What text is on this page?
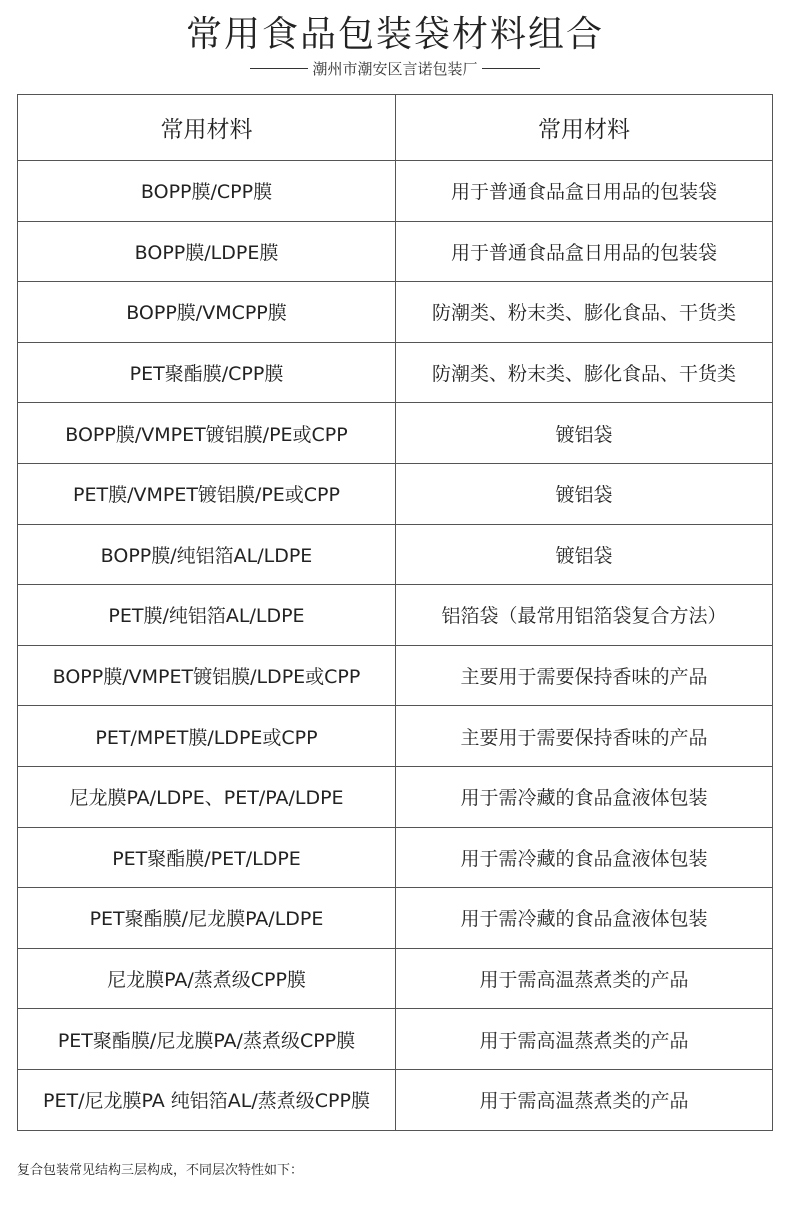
常用食品包装袋材料组合
潮州市潮安区言诺包装厂
常用材料	常用材料
BOPP膜/CPP膜	用于普通食品盒日用品的包装袋
BOPP膜/LDPE膜	用于普通食品盒日用品的包装袋
BOPP膜/VMCPP膜	防潮类、粉末类、膨化食品、干货类
PET聚酯膜/CPP膜	防潮类、粉末类、膨化食品、干货类
BOPP膜/VMPET镀铝膜/PE或CPP	镀铝袋
PET膜/VMPET镀铝膜/PE或CPP	镀铝袋
BOPP膜/纯铝箔AL/LDPE	镀铝袋
PET膜/纯铝箔AL/LDPE	铝箔袋（最常用铝箔袋复合方法）
BOPP膜/VMPET镀铝膜/LDPE或CPP	主要用于需要保持香味的产品
PET/MPET膜/LDPE或CPP	主要用于需要保持香味的产品
尼龙膜PA/LDPE、PET/PA/LDPE	用于需冷藏的食品盒液体包装
PET聚酯膜/PET/LDPE	用于需冷藏的食品盒液体包装
PET聚酯膜/尼龙膜PA/LDPE	用于需冷藏的食品盒液体包装
尼龙膜PA/蒸煮级CPP膜	用于需高温蒸煮类的产品
PET聚酯膜/尼龙膜PA/蒸煮级CPP膜	用于需高温蒸煮类的产品
PET/尼龙膜PA 纯铝箔AL/蒸煮级CPP膜	用于需高温蒸煮类的产品
复合包装常见结构三层构成，不同层次特性如下：
